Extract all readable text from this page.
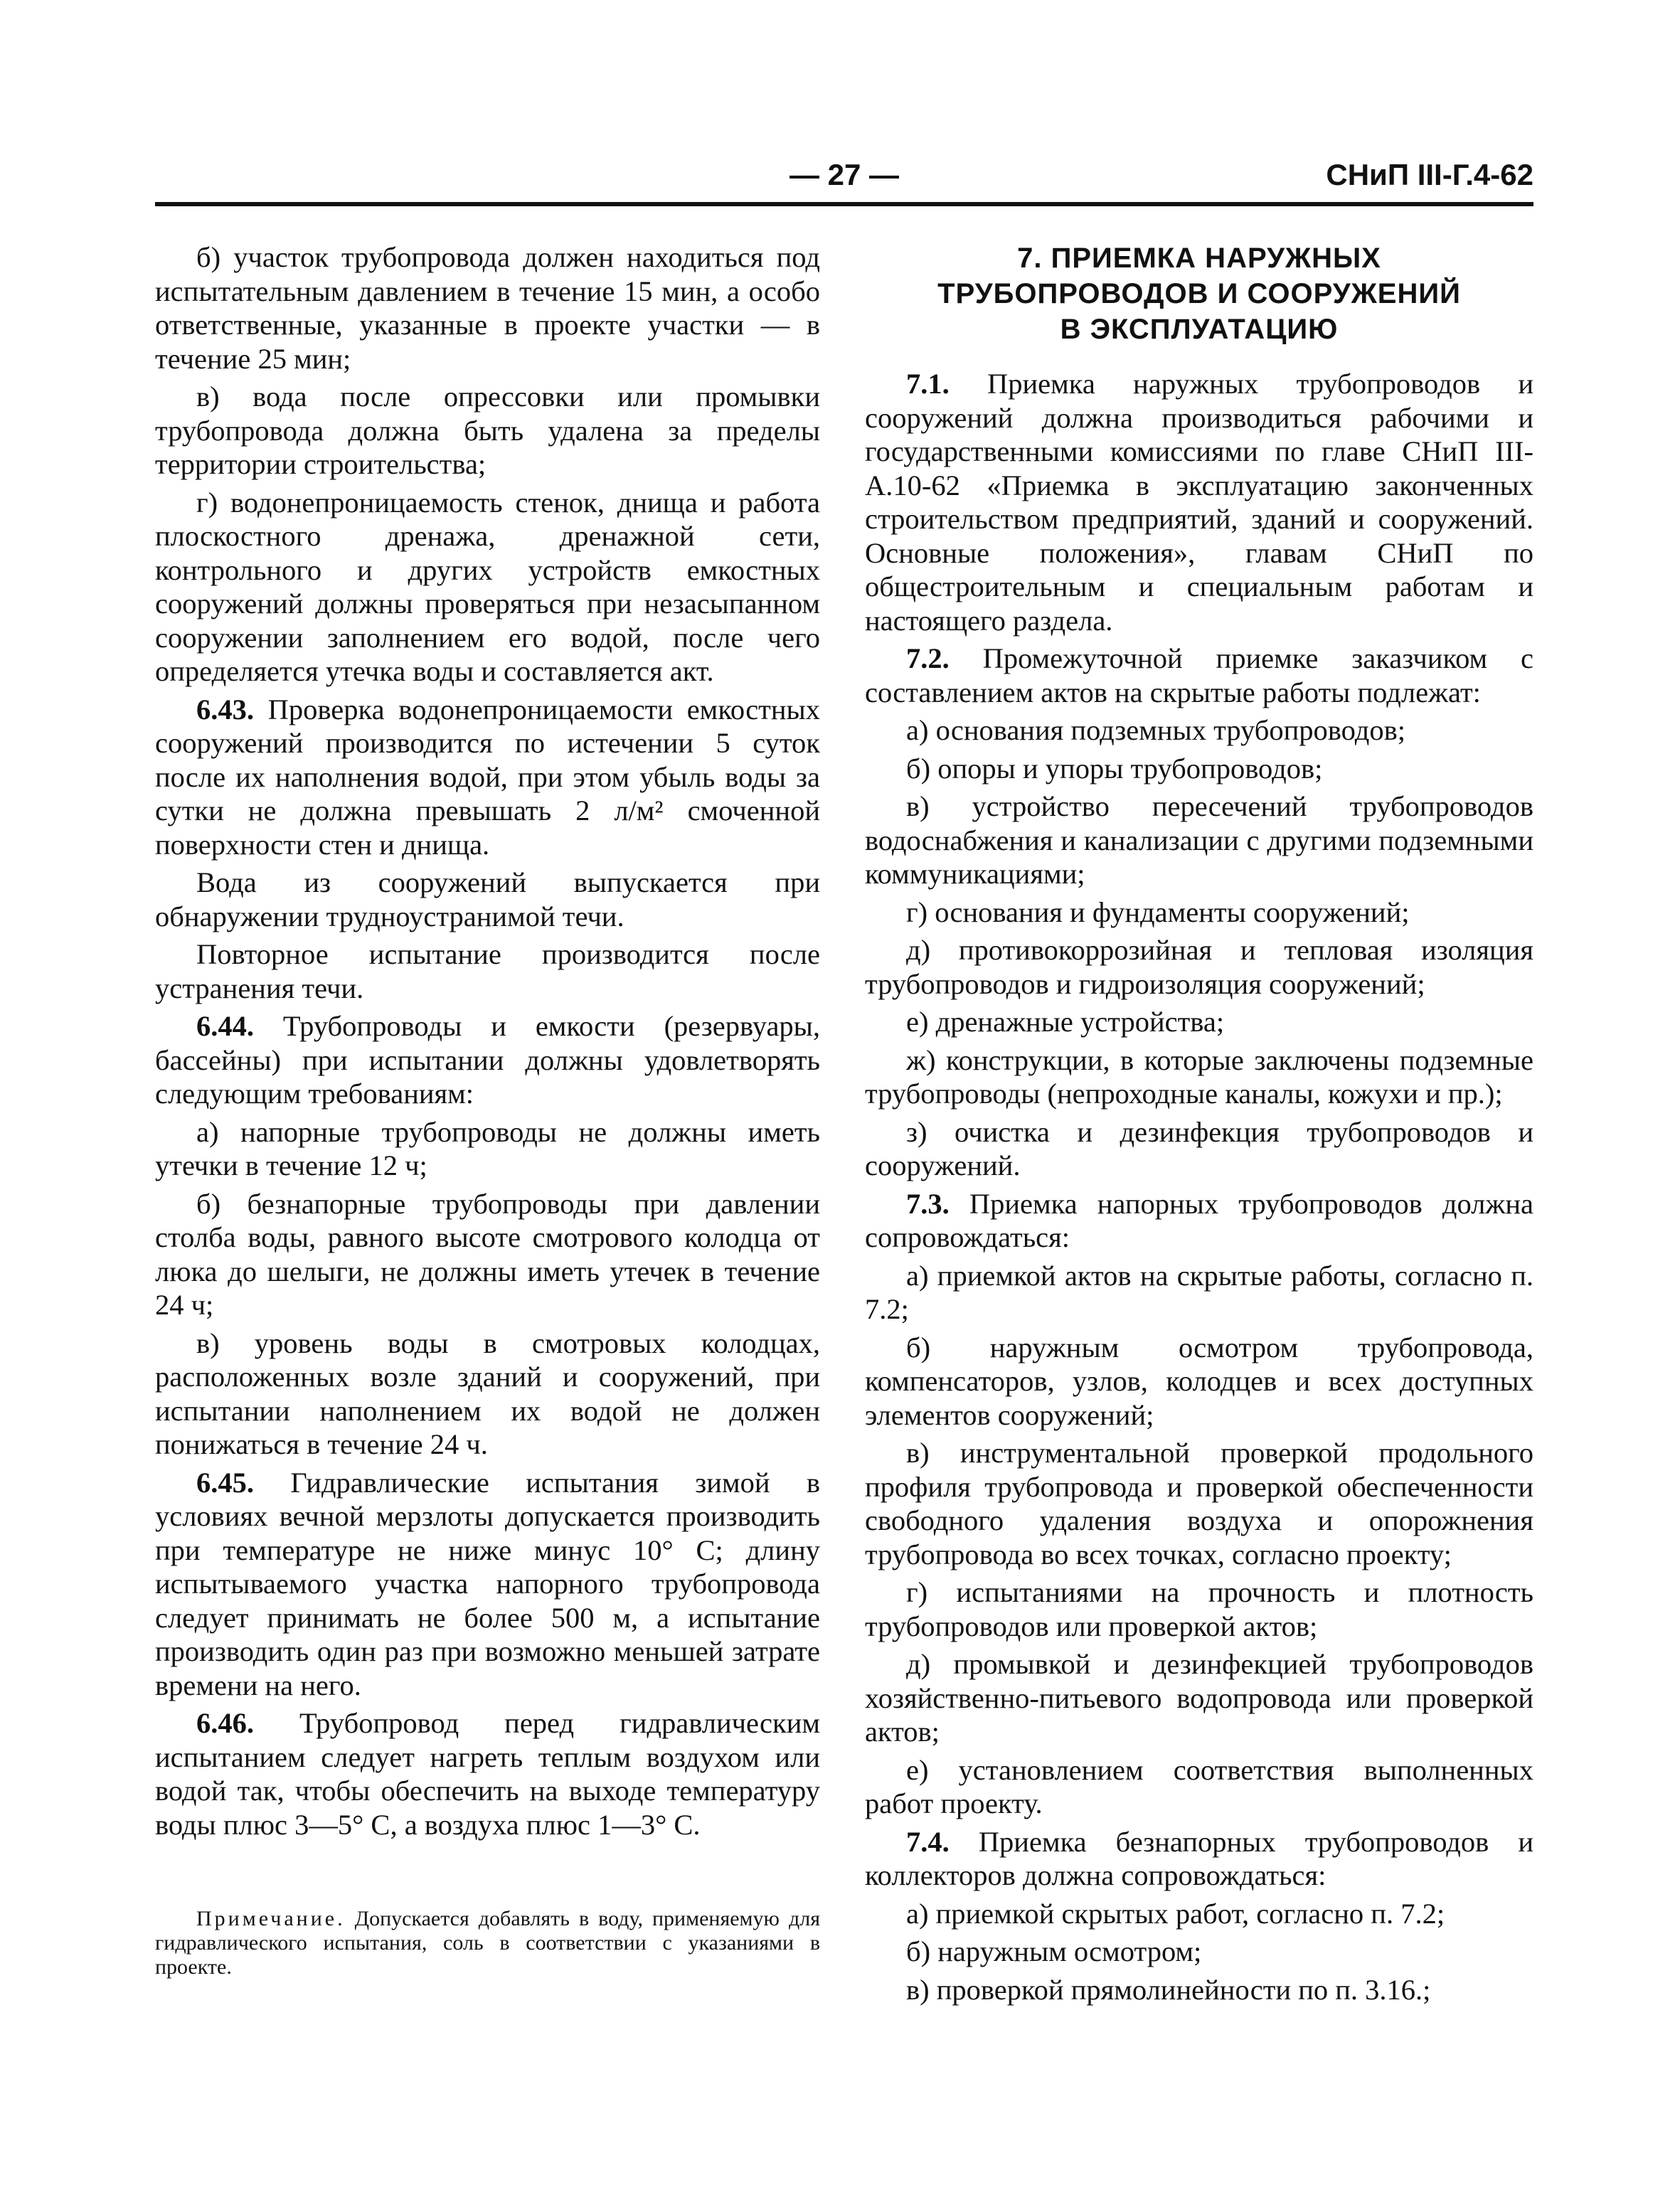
— 27 —	СНиП III-Г.4-62

б) участок трубопровода должен находиться под испытательным давлением в течение 15 мин, а особо ответственные, указанные в проекте участки — в течение 25 мин;

в) вода после опрессовки или промывки трубопровода должна быть удалена за пределы территории строительства;

г) водонепроницаемость стенок, днища и работа плоскостного дренажа, дренажной сети, контрольного и других устройств емкостных сооружений должны проверяться при незасыпанном сооружении заполнением его водой, после чего определяется утечка воды и составляется акт.

6.43. Проверка водонепроницаемости емкостных сооружений производится по истечении 5 суток после их наполнения водой, при этом убыль воды за сутки не должна превышать 2 л/м² смоченной поверхности стен и днища.

Вода из сооружений выпускается при обнаружении трудноустранимой течи.

Повторное испытание производится после устранения течи.

6.44. Трубопроводы и емкости (резервуары, бассейны) при испытании должны удовлетворять следующим требованиям:

а) напорные трубопроводы не должны иметь утечки в течение 12 ч;

б) безнапорные трубопроводы при давлении столба воды, равного высоте смотрового колодца от люка до шелыги, не должны иметь утечек в течение 24 ч;

в) уровень воды в смотровых колодцах, расположенных возле зданий и сооружений, при испытании наполнением их водой не должен понижаться в течение 24 ч.

6.45. Гидравлические испытания зимой в условиях вечной мерзлоты допускается производить при температуре не ниже минус 10° С; длину испытываемого участка напорного трубопровода следует принимать не более 500 м, а испытание производить один раз при возможно меньшей затрате времени на него.

6.46. Трубопровод перед гидравлическим испытанием следует нагреть теплым воздухом или водой так, чтобы обеспечить на выходе температуру воды плюс 3—5° С, а воздуха плюс 1—3° С.

Примечание. Допускается добавлять в воду, применяемую для гидравлического испытания, соль в соответствии с указаниями в проекте.

7. ПРИЕМКА НАРУЖНЫХ
ТРУБОПРОВОДОВ И СООРУЖЕНИЙ
В ЭКСПЛУАТАЦИЮ

7.1. Приемка наружных трубопроводов и сооружений должна производиться рабочими и государственными комиссиями по главе СНиП III-А.10-62 «Приемка в эксплуатацию законченных строительством предприятий, зданий и сооружений. Основные положения», главам СНиП по общестроительным и специальным работам и настоящего раздела.

7.2. Промежуточной приемке заказчиком с составлением актов на скрытые работы подлежат:

а) основания подземных трубопроводов;

б) опоры и упоры трубопроводов;

в) устройство пересечений трубопроводов водоснабжения и канализации с другими подземными коммуникациями;

г) основания и фундаменты сооружений;

д) противокоррозийная и тепловая изоляция трубопроводов и гидроизоляция сооружений;

е) дренажные устройства;

ж) конструкции, в которые заключены подземные трубопроводы (непроходные каналы, кожухи и пр.);

з) очистка и дезинфекция трубопроводов и сооружений.

7.3. Приемка напорных трубопроводов должна сопровождаться:

а) приемкой актов на скрытые работы, согласно п. 7.2;

б) наружным осмотром трубопровода, компенсаторов, узлов, колодцев и всех доступных элементов сооружений;

в) инструментальной проверкой продольного профиля трубопровода и проверкой обеспеченности свободного удаления воздуха и опорожнения трубопровода во всех точках, согласно проекту;

г) испытаниями на прочность и плотность трубопроводов или проверкой актов;

д) промывкой и дезинфекцией трубопроводов хозяйственно-питьевого водопровода или проверкой актов;

е) установлением соответствия выполненных работ проекту.

7.4. Приемка безнапорных трубопроводов и коллекторов должна сопровождаться:

а) приемкой скрытых работ, согласно п. 7.2;

б) наружным осмотром;

в) проверкой прямолинейности по п. 3.16.;
